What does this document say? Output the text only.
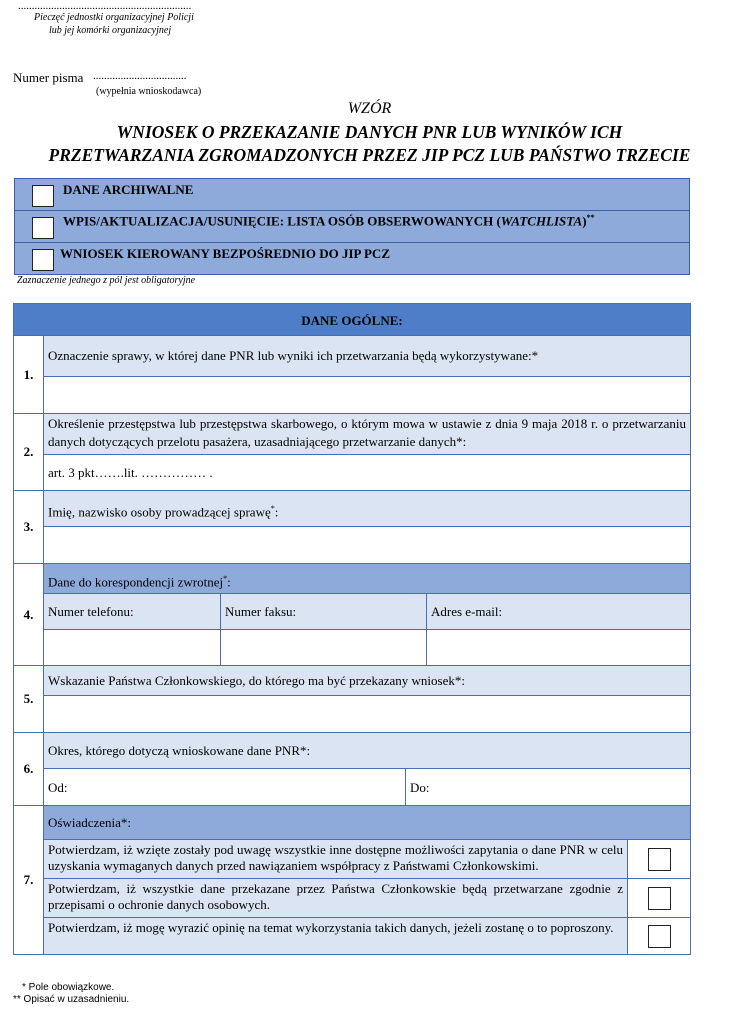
...............................................................
Pieczęć jednostki organizacyjnej Policji
lub jej komórki organizacyjnej
Numer pisma ..................................
(wypełnia wnioskodawca)
WZÓR
WNIOSEK O PRZEKAZANIE DANYCH PNR LUB WYNIKÓW ICH
PRZETWARZANIA ZGROMADZONYCH PRZEZ JIP PCZ LUB PAŃSTWO TRZECIE
DANE ARCHIWALNE
WPIS/AKTUALIZACJA/USUNIĘCIE: LISTA OSÓB OBSERWOWANYCH (WATCHLISTA)**
WNIOSEK KIEROWANY BEZPOŚREDNIO DO JIP PCZ
Zaznaczenie jednego z pól jest obligatoryjne
DANE OGÓLNE:
1.
Oznaczenie sprawy, w której dane PNR lub wyniki ich przetwarzania będą wykorzystywane:*
2.
Określenie przestępstwa lub przestępstwa skarbowego, o którym mowa w ustawie z dnia 9 maja 2018 r. o przetwarzaniu danych dotyczących przelotu pasażera, uzasadniającego przetwarzanie danych*:
art. 3 pkt…….lit. …………… .
3.
Imię, nazwisko osoby prowadzącej sprawę*:
4.
Dane do korespondencji zwrotnej*:
Numer telefonu:	Numer faksu:	Adres e-mail:
5.
Wskazanie Państwa Członkowskiego, do którego ma być przekazany wniosek*:
6.
Okres, którego dotyczą wnioskowane dane PNR*:
Od:	Do:
7.
Oświadczenia*:
Potwierdzam, iż wzięte zostały pod uwagę wszystkie inne dostępne możliwości zapytania o dane PNR w celu uzyskania wymaganych danych przed nawiązaniem współpracy z Państwami Członkowskimi.
Potwierdzam, iż wszystkie dane przekazane przez Państwa Członkowskie będą przetwarzane zgodnie z przepisami o ochronie danych osobowych.
Potwierdzam, iż mogę wyrazić opinię na temat wykorzystania takich danych, jeżeli zostanę o to poproszony.
* Pole obowiązkowe.
** Opisać w uzasadnieniu.
